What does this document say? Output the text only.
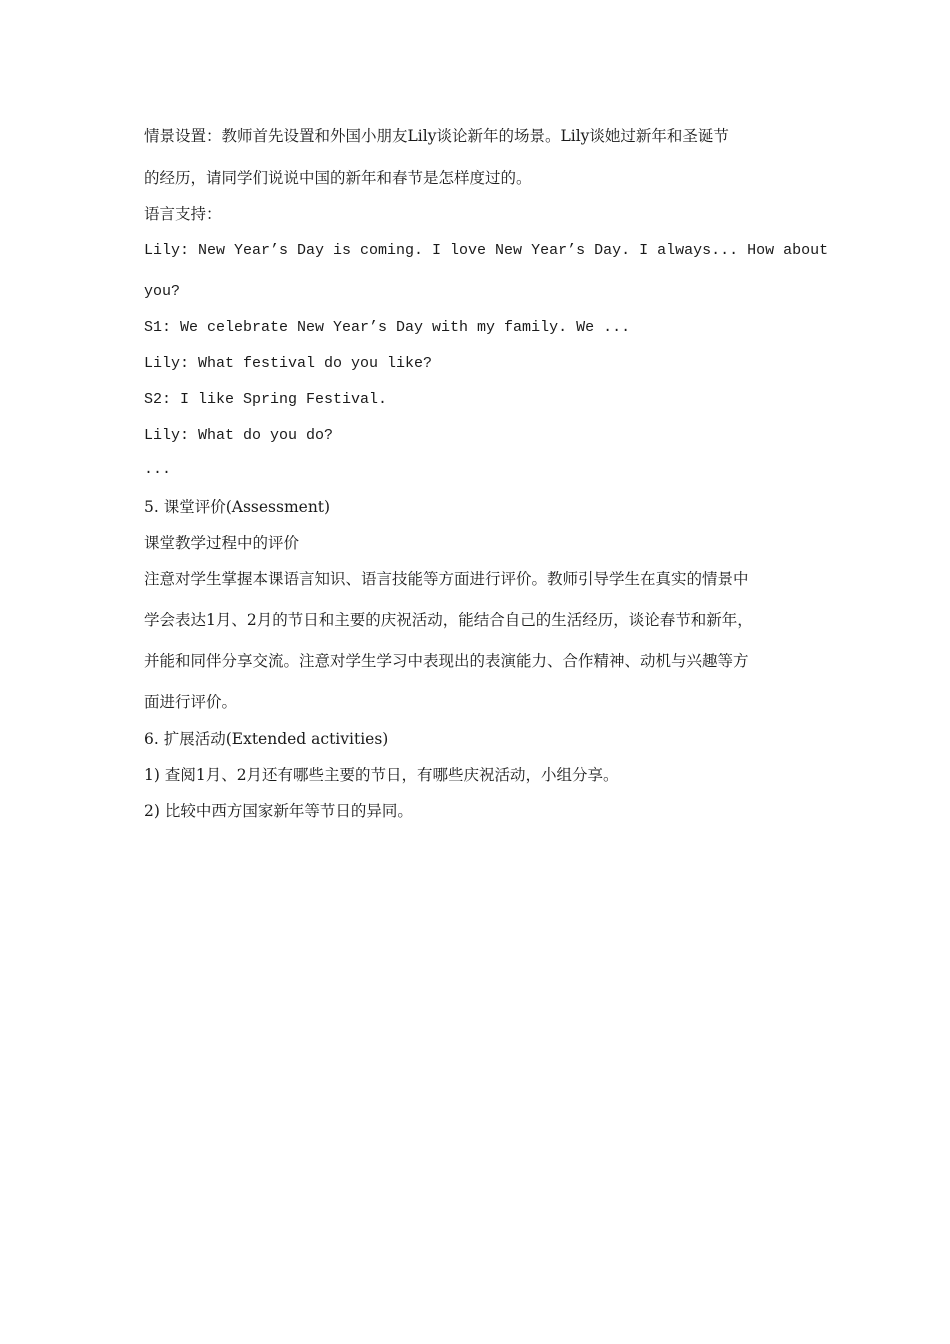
情景设置：教师首先设置和外国小朋友Lily谈论新年的场景。Lily谈她过新年和圣诞节
的经历，请同学们说说中国的新年和春节是怎样度过的。
语言支持：
Lily: New Year’s Day is coming. I love New Year’s Day. I always... How about
you?
S1: We celebrate New Year’s Day with my family. We ...
Lily: What festival do you like?
S2: I like Spring Festival.
Lily: What do you do?
...
5. 课堂评价(Assessment)
课堂教学过程中的评价
注意对学生掌握本课语言知识、语言技能等方面进行评价。教师引导学生在真实的情景中
学会表达1月、2月的节日和主要的庆祝活动，能结合自己的生活经历，谈论春节和新年，
并能和同伴分享交流。注意对学生学习中表现出的表演能力、合作精神、动机与兴趣等方
面进行评价。
6. 扩展活动(Extended activities)
1) 查阅1月、2月还有哪些主要的节日，有哪些庆祝活动，小组分享。
2) 比较中西方国家新年等节日的异同。
